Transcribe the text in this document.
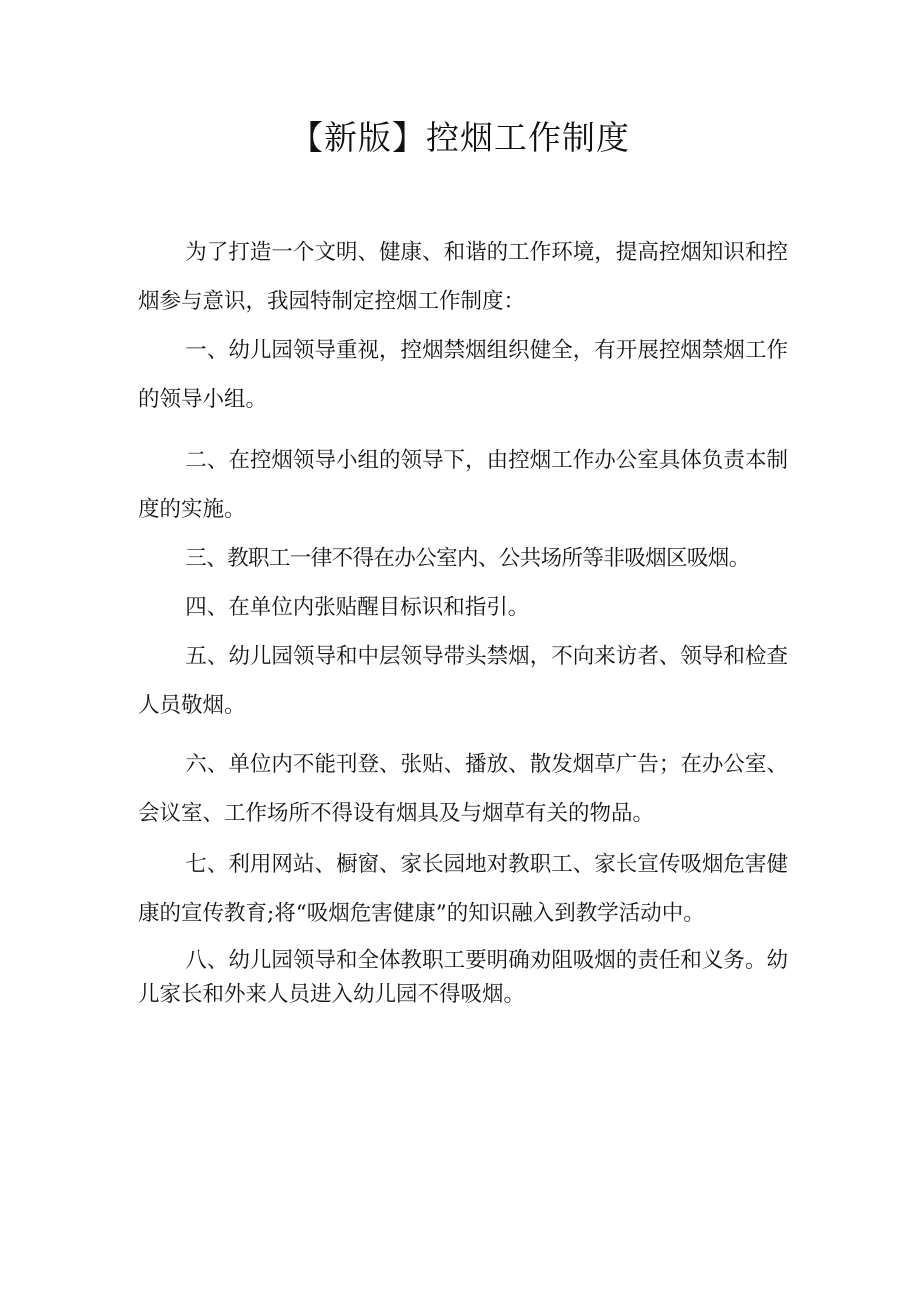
【新版】控烟工作制度

为了打造一个文明、健康、和谐的工作环境，提高控烟知识和控烟参与意识，我园特制定控烟工作制度：

一、幼儿园领导重视，控烟禁烟组织健全，有开展控烟禁烟工作的领导小组。

二、在控烟领导小组的领导下，由控烟工作办公室具体负责本制度的实施。

三、教职工一律不得在办公室内、公共场所等非吸烟区吸烟。

四、在单位内张贴醒目标识和指引。

五、幼儿园领导和中层领导带头禁烟，不向来访者、领导和检查人员敬烟。

六、单位内不能刊登、张贴、播放、散发烟草广告；在办公室、会议室、工作场所不得设有烟具及与烟草有关的物品。

七、利用网站、橱窗、家长园地对教职工、家长宣传吸烟危害健康的宣传教育;将“吸烟危害健康”的知识融入到教学活动中。

八、幼儿园领导和全体教职工要明确劝阻吸烟的责任和义务。幼儿家长和外来人员进入幼儿园不得吸烟。
